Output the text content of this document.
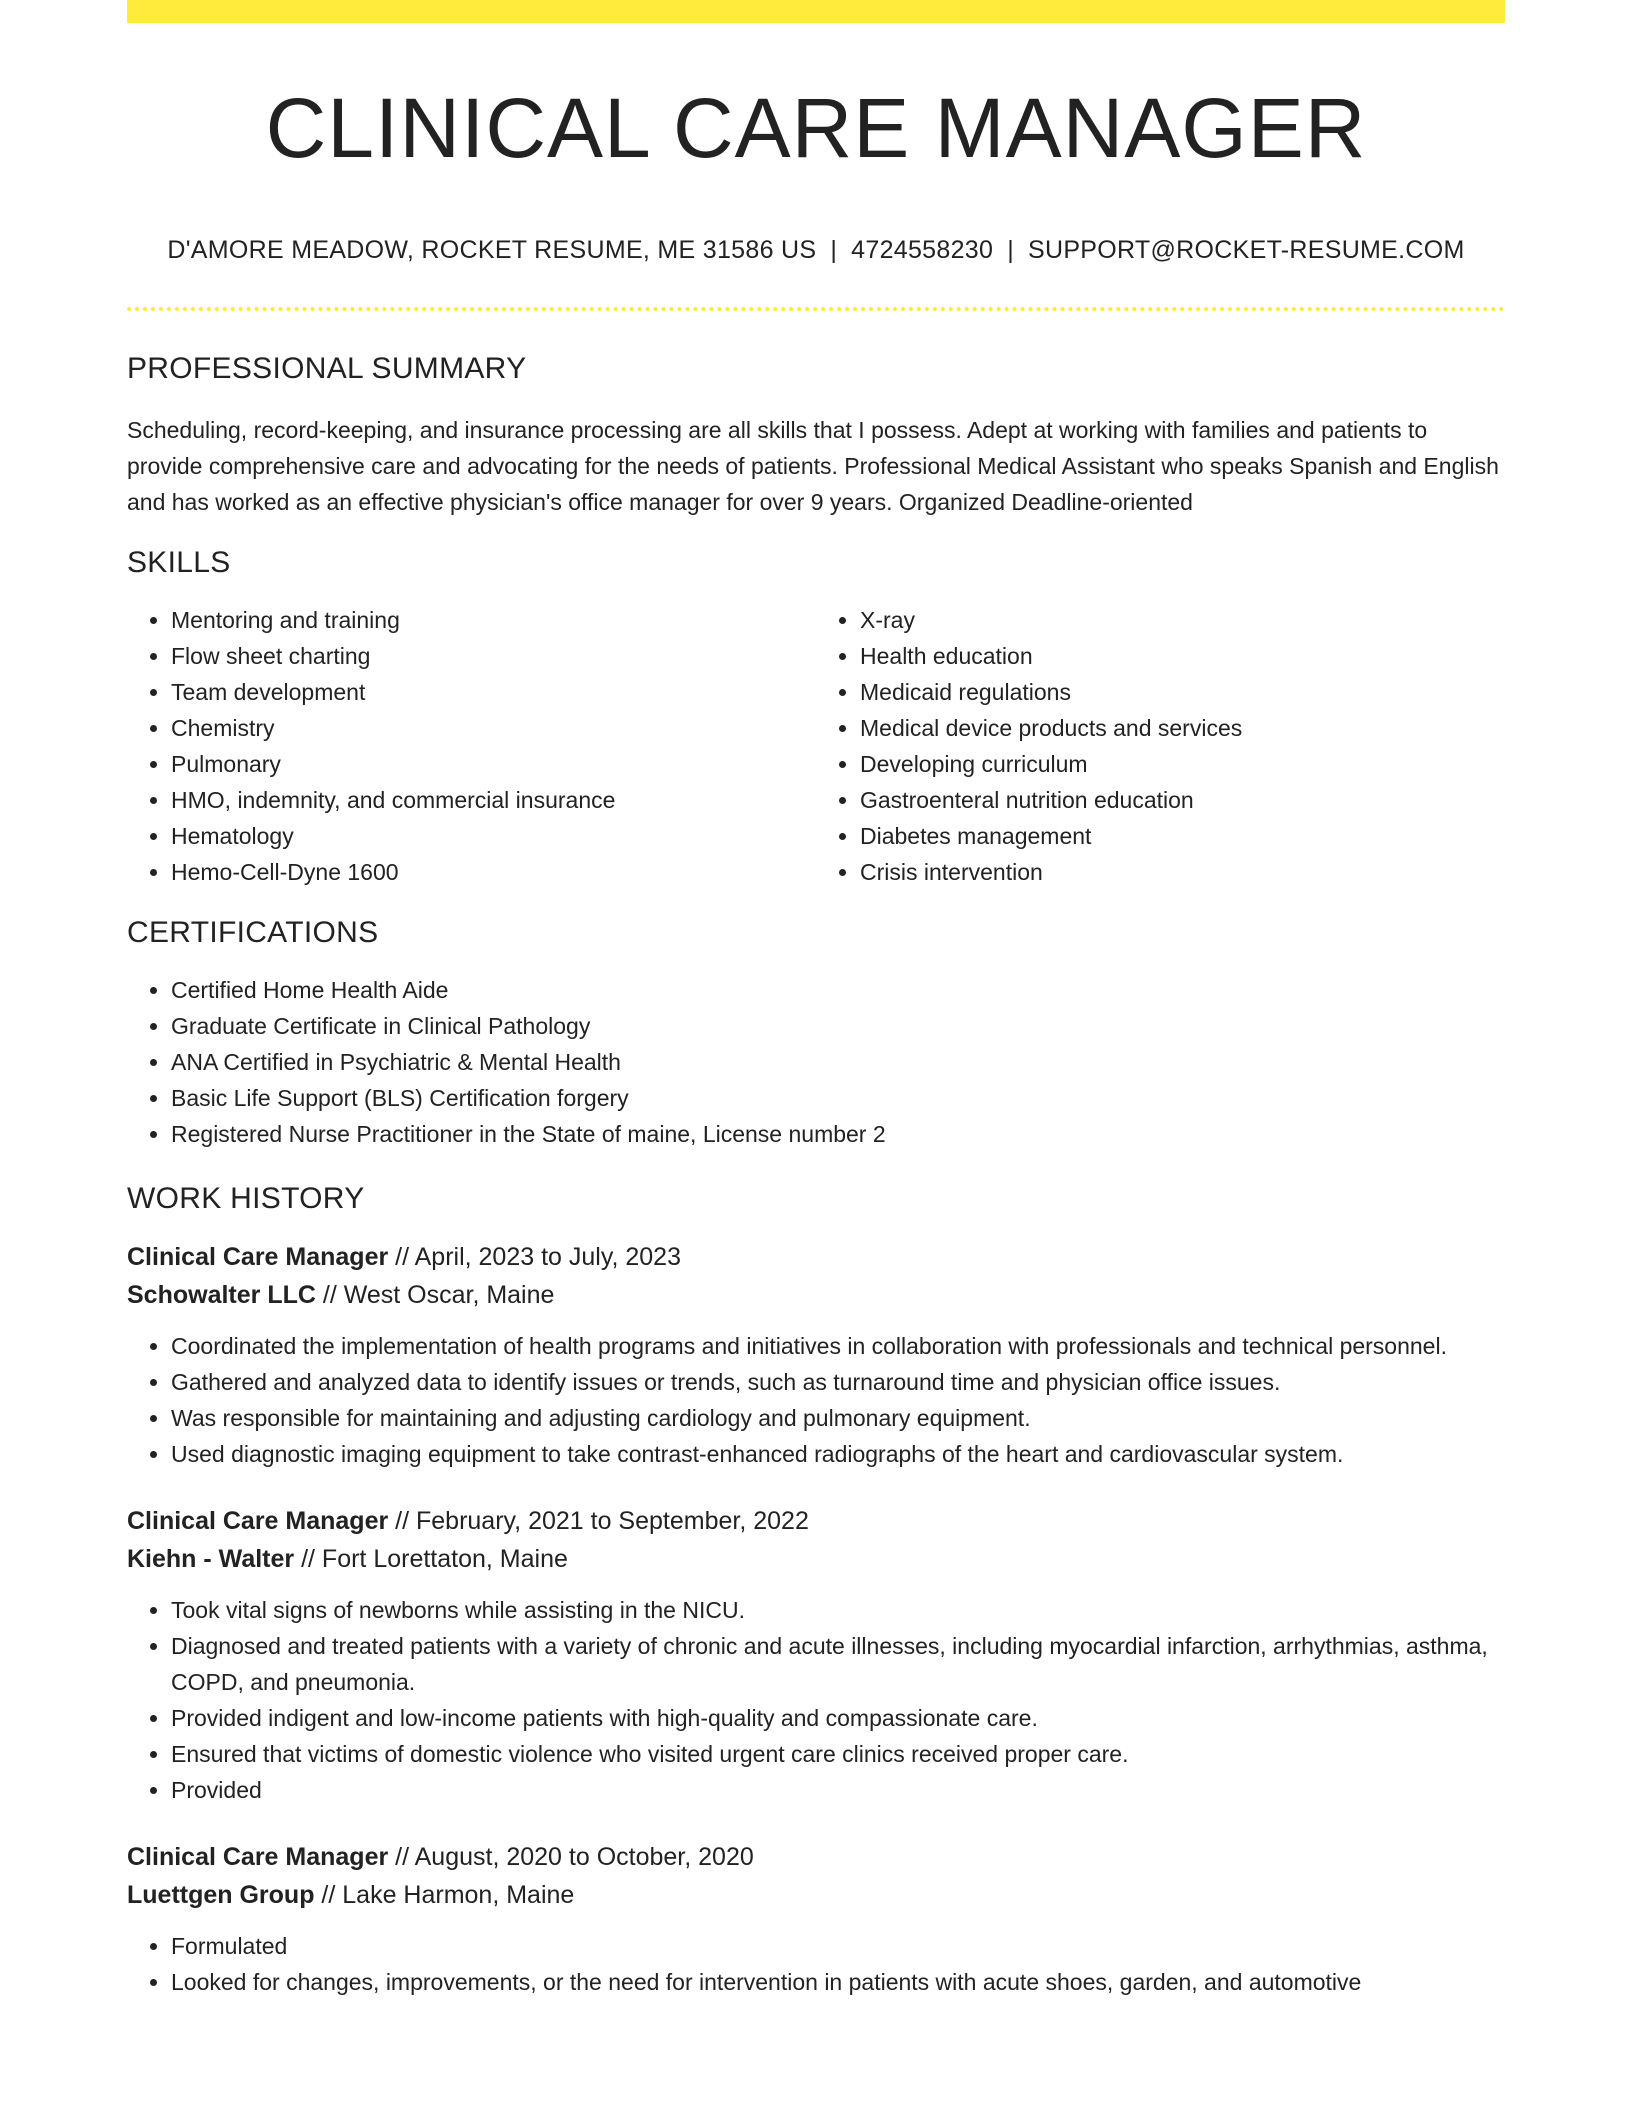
CLINICAL CARE MANAGER
D'AMORE MEADOW, ROCKET RESUME, ME 31586 US | 4724558230 | SUPPORT@ROCKET-RESUME.COM
PROFESSIONAL SUMMARY

Scheduling, record-keeping, and insurance processing are all skills that I possess. Adept at working with families and patients to provide comprehensive care and advocating for the needs of patients. Professional Medical Assistant who speaks Spanish and English and has worked as an effective physician's office manager for over 9 years. Organized Deadline-oriented

SKILLS
• Mentoring and training
• Flow sheet charting
• Team development
• Chemistry
• Pulmonary
• HMO, indemnity, and commercial insurance
• Hematology
• Hemo-Cell-Dyne 1600
• X-ray
• Health education
• Medicaid regulations
• Medical device products and services
• Developing curriculum
• Gastroenteral nutrition education
• Diabetes management
• Crisis intervention
CERTIFICATIONS
• Certified Home Health Aide
• Graduate Certificate in Clinical Pathology
• ANA Certified in Psychiatric & Mental Health
• Basic Life Support (BLS) Certification forgery
• Registered Nurse Practitioner in the State of maine, License number 2
WORK HISTORY
Clinical Care Manager // April, 2023 to July, 2023
Schowalter LLC // West Oscar, Maine
• Coordinated the implementation of health programs and initiatives in collaboration with professionals and technical personnel.
• Gathered and analyzed data to identify issues or trends, such as turnaround time and physician office issues.
• Was responsible for maintaining and adjusting cardiology and pulmonary equipment.
• Used diagnostic imaging equipment to take contrast-enhanced radiographs of the heart and cardiovascular system.
Clinical Care Manager // February, 2021 to September, 2022
Kiehn - Walter // Fort Lorettaton, Maine
• Took vital signs of newborns while assisting in the NICU.
• Diagnosed and treated patients with a variety of chronic and acute illnesses, including myocardial infarction, arrhythmias, asthma, COPD, and pneumonia.
• Provided indigent and low-income patients with high-quality and compassionate care.
• Ensured that victims of domestic violence who visited urgent care clinics received proper care.
• Provided
Clinical Care Manager // August, 2020 to October, 2020
Luettgen Group // Lake Harmon, Maine
• Formulated
• Looked for changes, improvements, or the need for intervention in patients with acute shoes, garden, and automotive
